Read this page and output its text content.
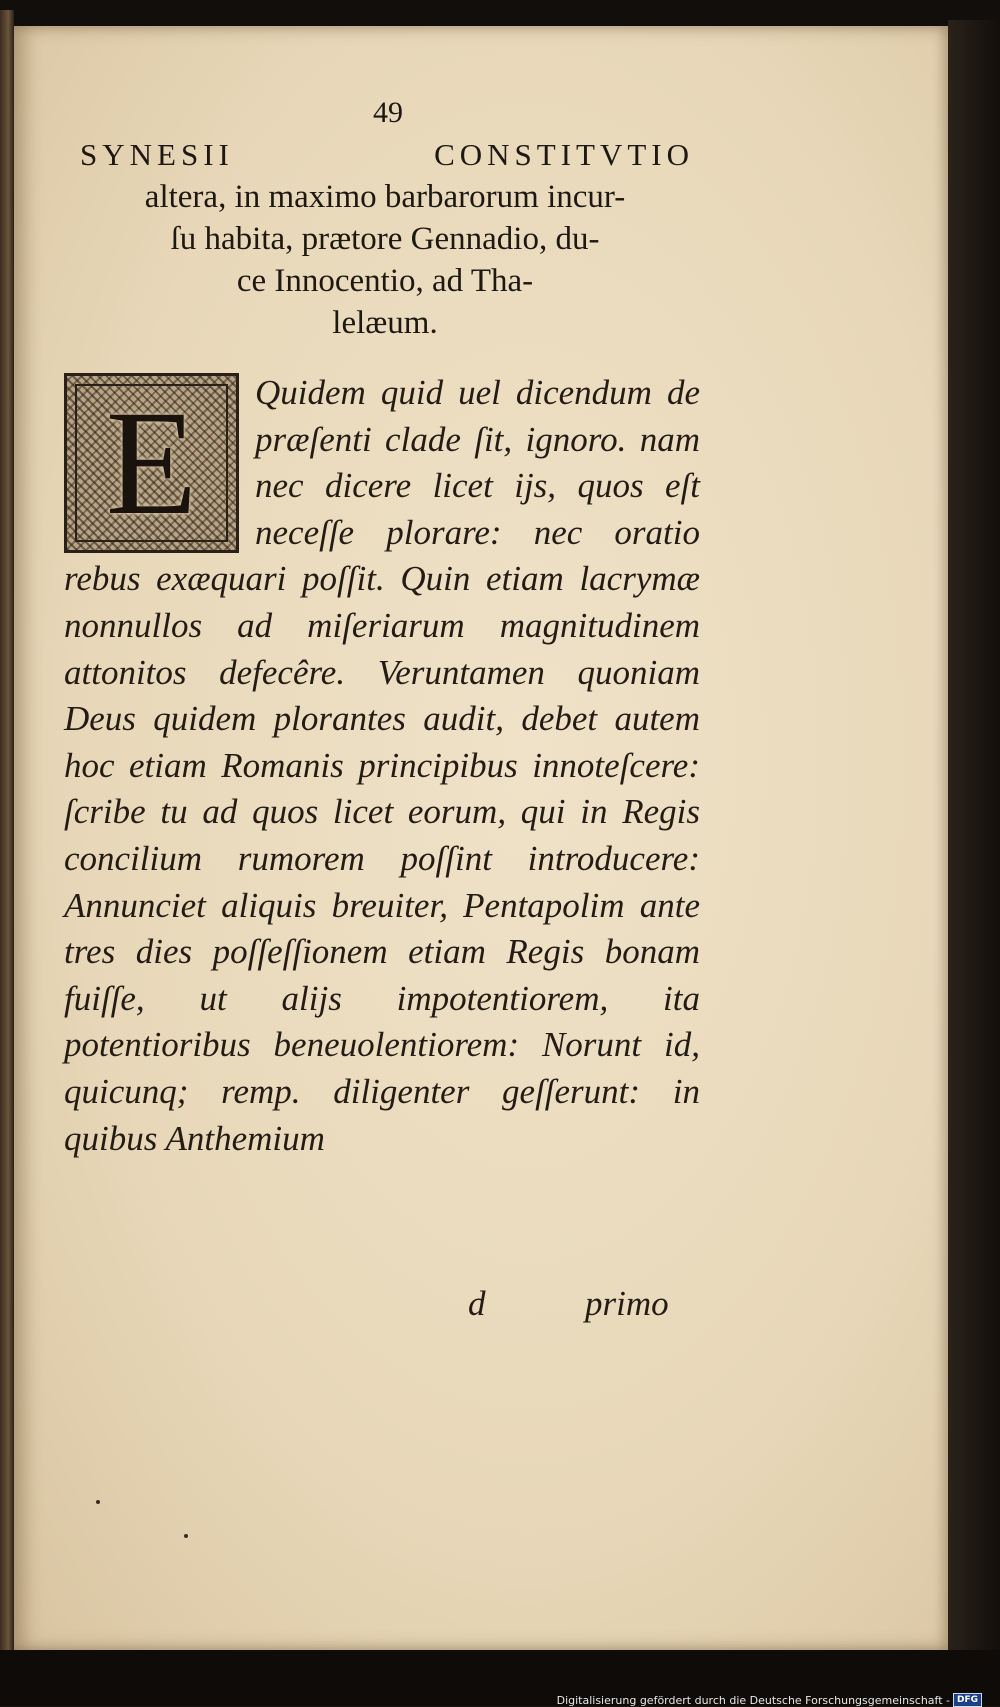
49
SYNESII	CONSTITVTIO
altera, in maximo barbarorum incur-
ſu habita, prætore Gennadio, du-
ce Innocentio, ad Tha-
lelæum.
E	Quidem quid uel dicendum de præſenti clade ſit, ignoro. nam nec dicere licet ijs, quos eſt neceſſe plorare: nec oratio rebus exæquari poſſit. Quin etiam lacrymæ nonnullos ad miſeriarum magnitudinem attonitos defecêre. Veruntamen quoniam Deus quidem plorantes audit, debet autem hoc etiam Romanis principibus innoteſcere: ſcribe tu ad quos licet eorum, qui in Regis concilium rumorem poſſint introducere: Annunciet aliquis breuiter, Pentapolim ante tres dies poſſeſſionem etiam Regis bonam fuiſſe, ut alijs impotentiorem, ita potentioribus beneuolentiorem: Norunt id, quicunq; remp. diligenter geſſerunt: in quibus Anthemium
d	primo
Digitalisierung gefördert durch die Deutsche Forschungsgemeinschaft - DFG
